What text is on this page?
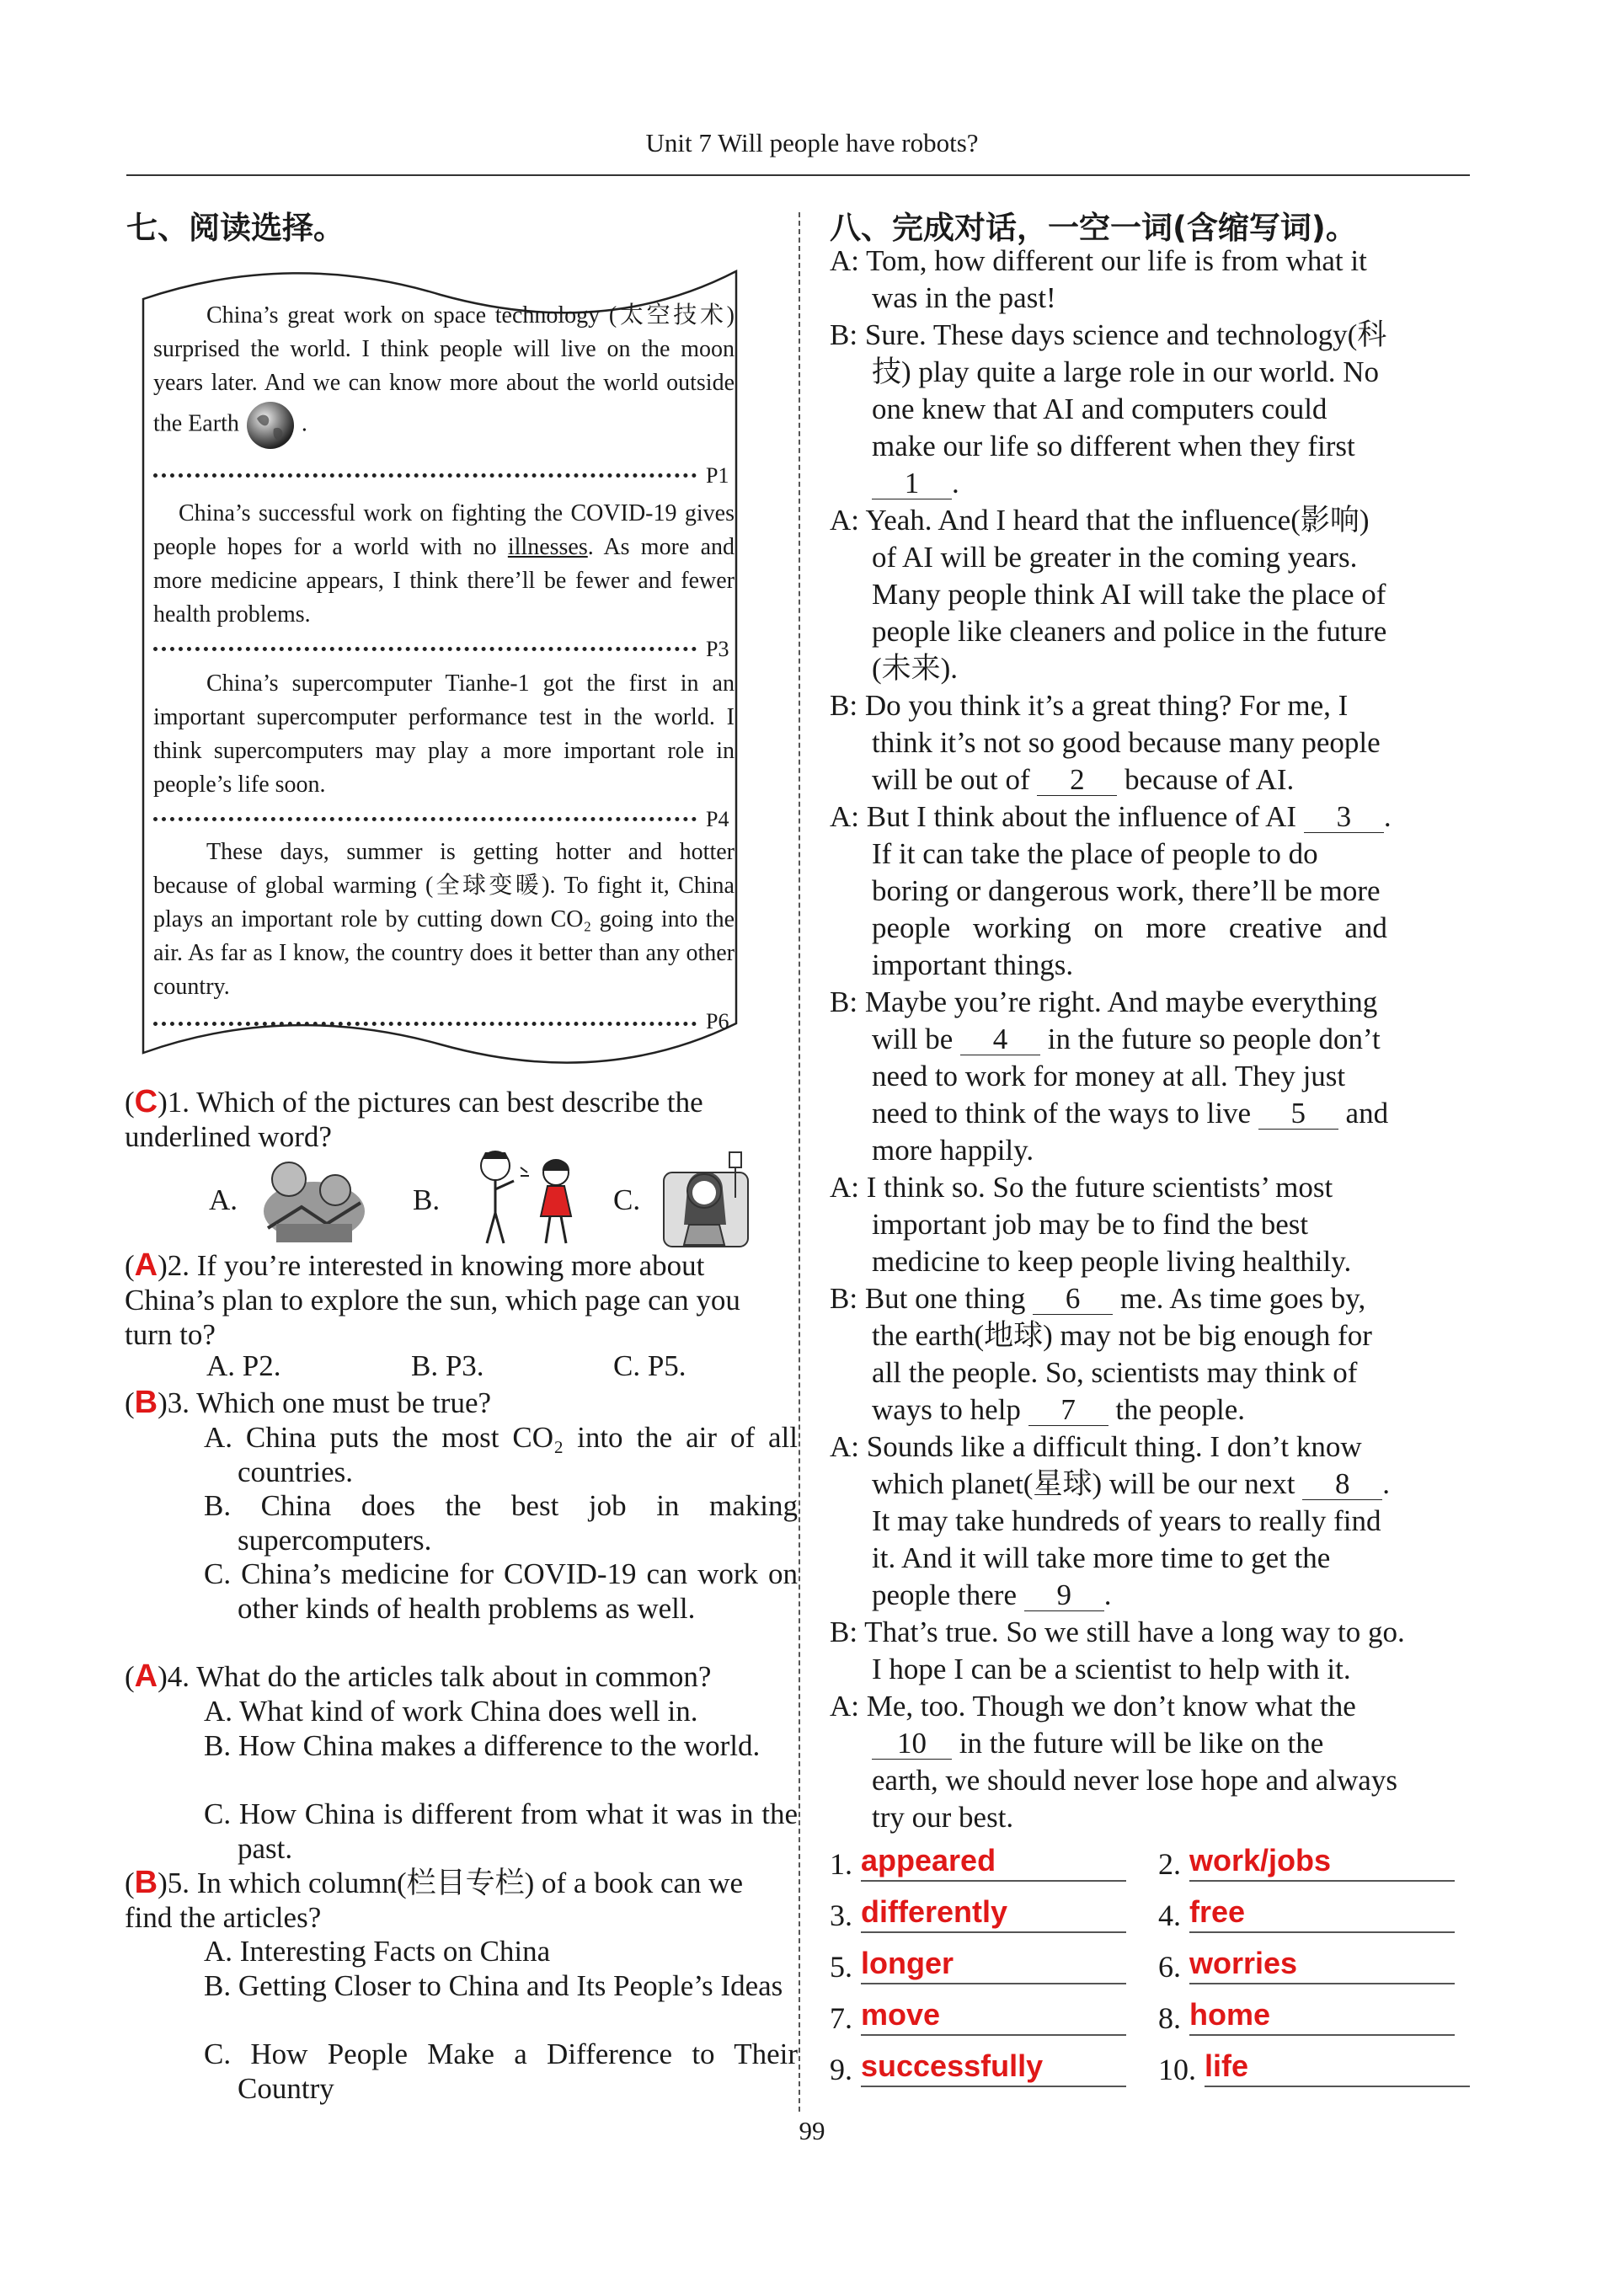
Unit 7 Will people have robots?
七、阅读选择。
China’s great work on space technology (太空技术) surprised the world. I think people will live on the moon years later. And we can know more about the world outside the Earth  .
P1
China’s successful work on fighting the COVID-19 gives people hopes for a world with no illnesses. As more and more medicine appears, I think there’ll be fewer and fewer health problems.
P3
China’s supercomputer Tianhe-1 got the first in an important supercomputer performance test in the world. I think supercomputers may play a more important role in people’s life soon.
P4
These days, summer is getting hotter and hotter because of global warming (全球变暖). To fight it, China plays an important role by cutting down CO₂ going into the air. As far as I know, the country does it better than any other country.
P6
(C)1. Which of the pictures can best describe the underlined word?
A.	B.	C.
(A)2. If you’re interested in knowing more about China’s plan to explore the sun, which page can you turn to?
A. P2.	B. P3.	C. P5.
(B)3. Which one must be true?
A. China puts the most CO₂ into the air of all countries.
B. China does the best job in making supercomputers.
C. China’s medicine for COVID-19 can work on other kinds of health problems as well.
(A)4. What do the articles talk about in common?
A. What kind of work China does well in.
B. How China makes a difference to the world.
C. How China is different from what it was in the past.
(B)5. In which column(栏目专栏) of a book can we find the articles?
A. Interesting Facts on China
B. Getting Closer to China and Its People’s Ideas
C. How People Make a Difference to Their Country
八、完成对话，一空一词(含缩写词)。
A: Tom, how different our life is from what it
was in the past!
B: Sure. These days science and technology(科
技) play quite a large role in our world. No
one knew that AI and computers could
make our life so different when they first
1 .
A: Yeah. And I heard that the influence(影响)
of AI will be greater in the coming years.
Many people think AI will take the place of
people like cleaners and police in the future
(未来).
B: Do you think it’s a great thing? For me, I
think it’s not so good because many people
will be out of 2 because of AI.
A: But I think about the influence of AI 3 .
If it can take the place of people to do
boring or dangerous work, there’ll be more
people working on more creative and
important things.
B: Maybe you’re right. And maybe everything
will be 4 in the future so people don’t
need to work for money at all. They just
need to think of the ways to live 5 and
more happily.
A: I think so. So the future scientists’ most
important job may be to find the best
medicine to keep people living healthily.
B: But one thing 6 me. As time goes by,
the earth(地球) may not be big enough for
all the people. So, scientists may think of
ways to help 7 the people.
A: Sounds like a difficult thing. I don’t know
which planet(星球) will be our next 8 .
It may take hundreds of years to really find
it. And it will take more time to get the
people there 9 .
B: That’s true. So we still have a long way to go.
I hope I can be a scientist to help with it.
A: Me, too. Though we don’t know what the
10 in the future will be like on the
earth, we should never lose hope and always
try our best.
1. appeared	2. work/jobs
3. differently	4. free
5. longer	6. worries
7. move	8. home
9. successfully	10. life
99
